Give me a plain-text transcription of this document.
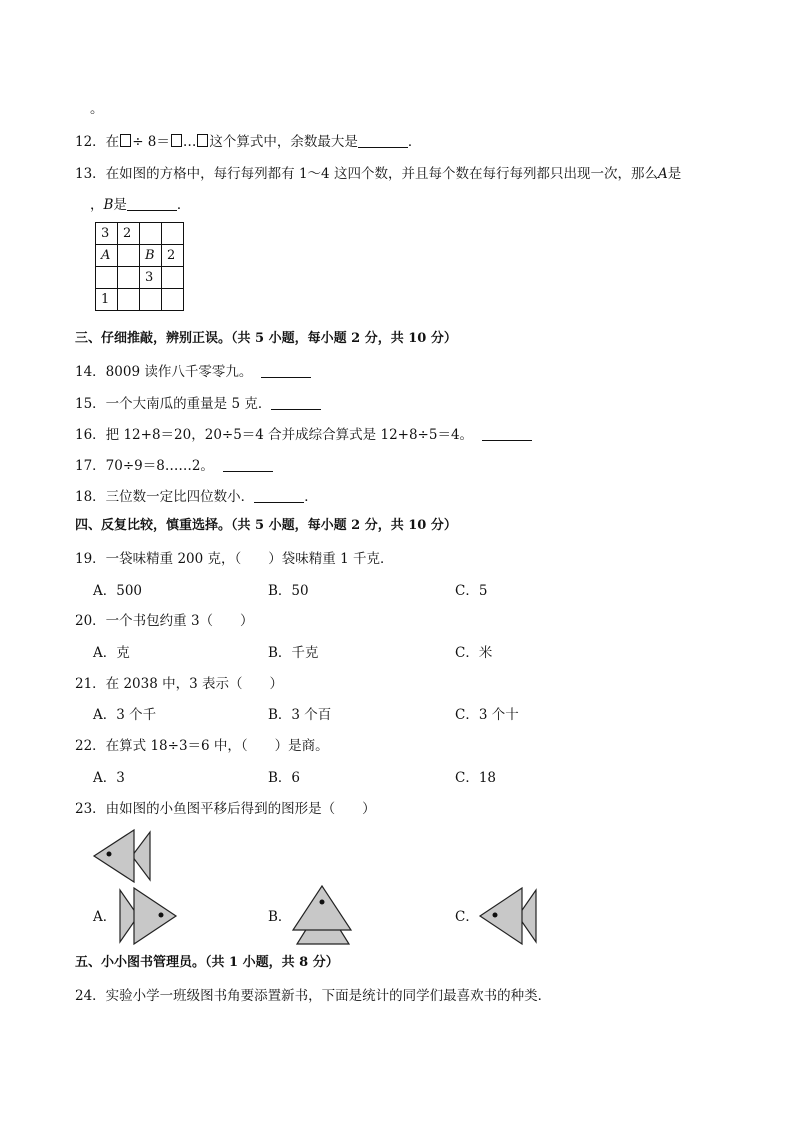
。
12．在 ÷ 8＝ … 这个算式中，余数最大是	．
13．在如图的方格中，每行每列都有 1～4 这四个数，并且每个数在每行每列都只出现一次，那么A是
，B是	．
3	2		
A		B	2
		3	
1			
三、仔细推敲，辨别正误。（共 5 小题，每小题 2 分，共 10 分）
14．8009 读作八千零零九。
15．一个大南瓜的重量是 5 克．
16．把 12+8＝20，20÷5＝4 合并成综合算式是 12+8÷5＝4。
17．70÷9＝8……2。
18．三位数一定比四位数小．	．
四、反复比较，慎重选择。（共 5 小题，每小题 2 分，共 10 分）
19．一袋味精重 200 克，（　　）袋味精重 1 千克．
A．500	B．50	C．5
20．一个书包约重 3（　　）
A．克	B．千克	C．米
21．在 2038 中，3 表示（　　）
A．3 个千	B．3 个百	C．3 个十
22．在算式 18÷3＝6 中，（　　）是商。
A．3	B．6	C．18
23．由如图的小鱼图平移后得到的图形是（　　）
A．	B．	C．
五、小小图书管理员。（共 1 小题，共 8 分）
24．实验小学一班级图书角要添置新书，下面是统计的同学们最喜欢书的种类．
